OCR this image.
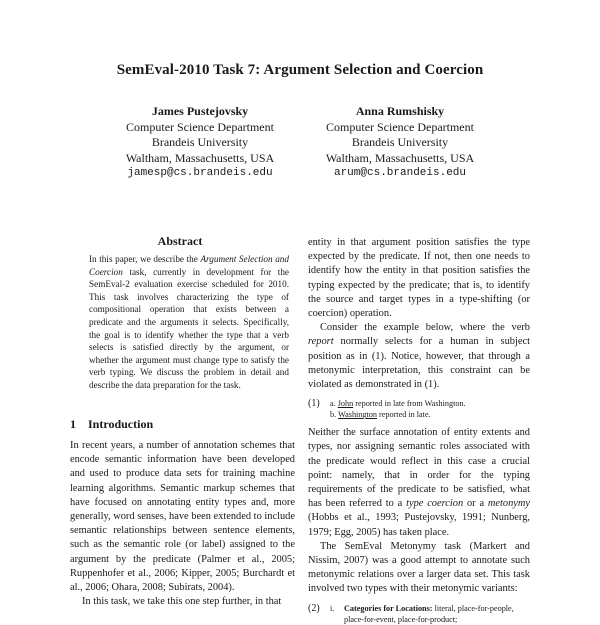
SemEval-2010 Task 7: Argument Selection and Coercion
James Pustejovsky
Computer Science Department
Brandeis University
Waltham, Massachusetts, USA
jamesp@cs.brandeis.edu
Anna Rumshisky
Computer Science Department
Brandeis University
Waltham, Massachusetts, USA
arum@cs.brandeis.edu
Abstract

In this paper, we describe the Argument Selection and Coercion task, currently in development for the SemEval-2 evaluation exercise scheduled for 2010. This task involves characterizing the type of compositional operation that exists between a predicate and the arguments it selects. Specifically, the goal is to identify whether the type that a verb selects is satisfied directly by the argument, or whether the argument must change type to satisfy the verb typing. We discuss the problem in detail and describe the data preparation for the task.

1 Introduction

In recent years, a number of annotation schemes that encode semantic information have been developed and used to produce data sets for training machine learning algorithms. Semantic markup schemes that have focused on annotating entity types and, more generally, word senses, have been extended to include semantic relationships between sentence elements, such as the semantic role (or label) assigned to the argument by the predicate (Palmer et al., 2005; Ruppenhofer et al., 2006; Kipper, 2005; Burchardt et al., 2006; Ohara, 2008; Subirats, 2004).

In this task, we take this one step further, in that

entity in that argument position satisfies the type expected by the predicate. If not, then one needs to identify how the entity in that position satisfies the typing expected by the predicate; that is, to identify the source and target types in a type-shifting (or coercion) operation.

Consider the example below, where the verb report normally selects for a human in subject position as in (1). Notice, however, that through a metonymic interpretation, this constraint can be violated as demonstrated in (1).

(1)	a. John reported in late from Washington.
b. Washington reported in late.

Neither the surface annotation of entity extents and types, nor assigning semantic roles associated with the predicate would reflect in this case a crucial point: namely, that in order for the typing requirements of the predicate to be satisfied, what has been referred to a type coercion or a metonymy (Hobbs et al., 1993; Pustejovsky, 1991; Nunberg, 1979; Egg, 2005) has taken place.

The SemEval Metonymy task (Markert and Nissim, 2007) was a good attempt to annotate such metonymic relations over a larger data set. This task involved two types with their metonymic variants:

(2)	i.	Categories for Locations: literal, place-for-people, place-for-event, place-for-product;
